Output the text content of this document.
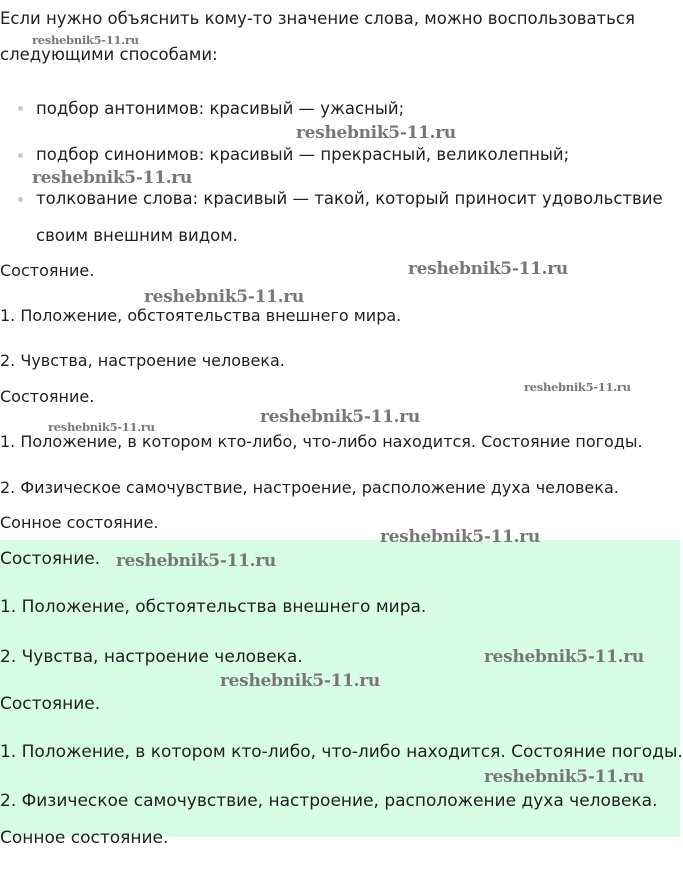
Если нужно объяснить кому-то значение слова, можно воспользоваться
следующими способами:
подбор антонимов: красивый — ужасный;
подбор синонимов: красивый — прекрасный, великолепный;
толкование слова: красивый — такой, который приносит удовольствие
своим внешним видом.
Состояние.
1. Положение, обстоятельства внешнего мира.
2. Чувства, настроение человека.
Состояние.
1. Положение, в котором кто-либо, что-либо находится. Состояние погоды.
2. Физическое самочувствие, настроение, расположение духа человека.
Сонное состояние.
Состояние.
1. Положение, обстоятельства внешнего мира.
2. Чувства, настроение человека.
Состояние.
1. Положение, в котором кто-либо, что-либо находится. Состояние погоды.
2. Физическое самочувствие, настроение, расположение духа человека.
Сонное состояние.
reshebnik5-11.ru
reshebnik5-11.ru
reshebnik5-11.ru
reshebnik5-11.ru
reshebnik5-11.ru
reshebnik5-11.ru
reshebnik5-11.ru	reshebnik5-11.ru
reshebnik5-11.ru
reshebnik5-11.ru
reshebnik5-11.ru
reshebnik5-11.ru
reshebnik5-11.ru
